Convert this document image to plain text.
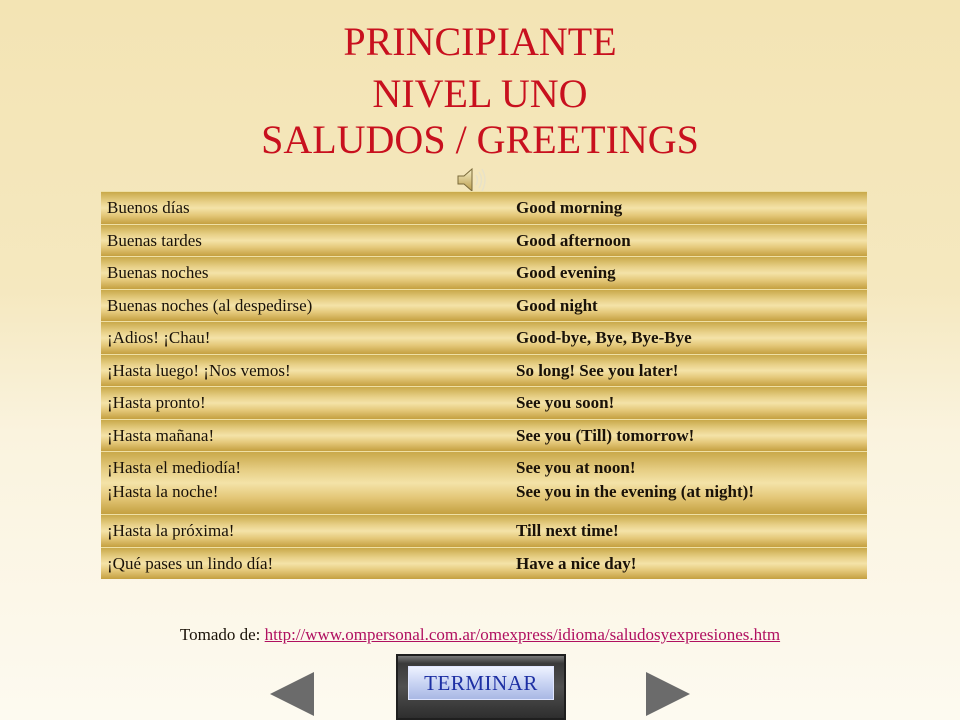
PRINCIPIANTE
NIVEL UNO
SALUDOS / GREETINGS
Buenos días	Good morning
Buenas tardes	Good afternoon
Buenas noches	Good evening
Buenas noches (al despedirse)	Good night
¡Adios! ¡Chau!	Good-bye, Bye, Bye-Bye
¡Hasta luego! ¡Nos vemos!	So long! See you later!
¡Hasta pronto!	See you soon!
¡Hasta mañana!	See you (Till) tomorrow!
¡Hasta el mediodía!	See you at noon!
¡Hasta la noche!	See you in the evening (at night)!
¡Hasta la próxima!	Till next time!
¡Qué pases un lindo día!	Have a nice day!
Tomado de: http://www.ompersonal.com.ar/omexpress/idioma/saludosyexpresiones.htm
TERMINAR
